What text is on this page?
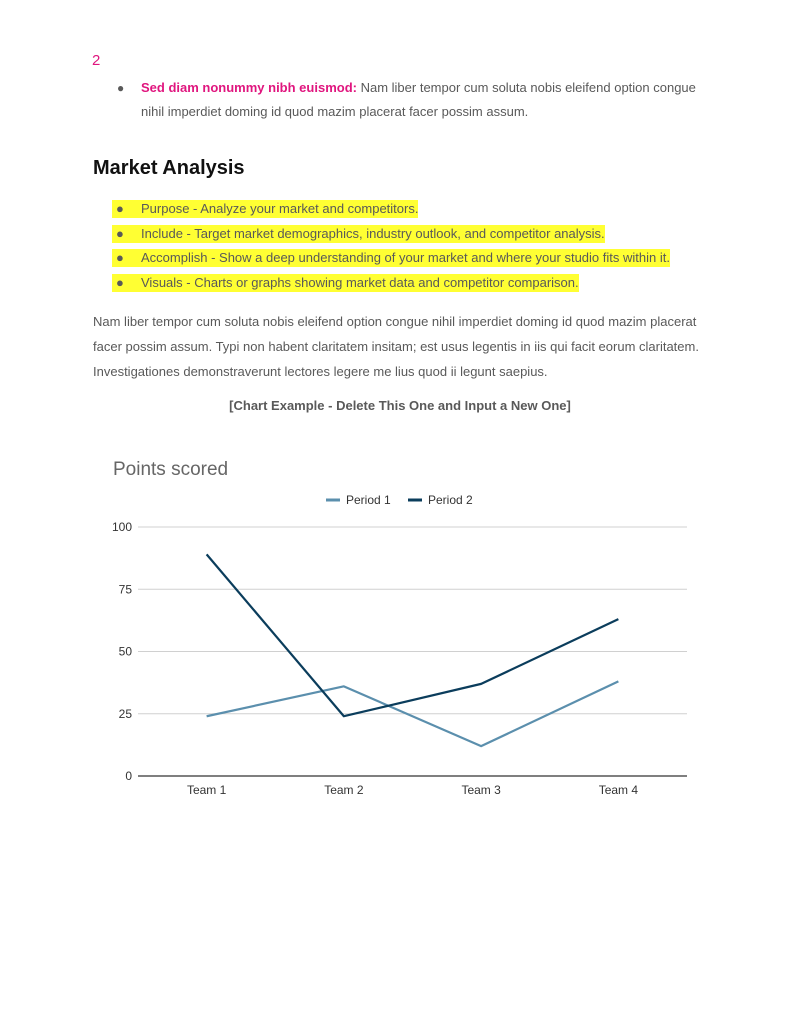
2
● Sed diam nonummy nibh euismod: Nam liber tempor cum soluta nobis eleifend option congue nihil imperdiet doming id quod mazim placerat facer possim assum.
Market Analysis
● Purpose - Analyze your market and competitors.
● Include - Target market demographics, industry outlook, and competitor analysis.
● Accomplish - Show a deep understanding of your market and where your studio fits within it.
● Visuals - Charts or graphs showing market data and competitor comparison.

Nam liber tempor cum soluta nobis eleifend option congue nihil imperdiet doming id quod mazim placerat facer possim assum. Typi non habent claritatem insitam; est usus legentis in iis qui facit eorum claritatem. Investigationes demonstraverunt lectores legere me lius quod ii legunt saepius.

[Chart Example - Delete This One and Input a New One]
Points scored
Period 1	Period 2
0
25
50
75
100
Team 1	Team 2	Team 3	Team 4
